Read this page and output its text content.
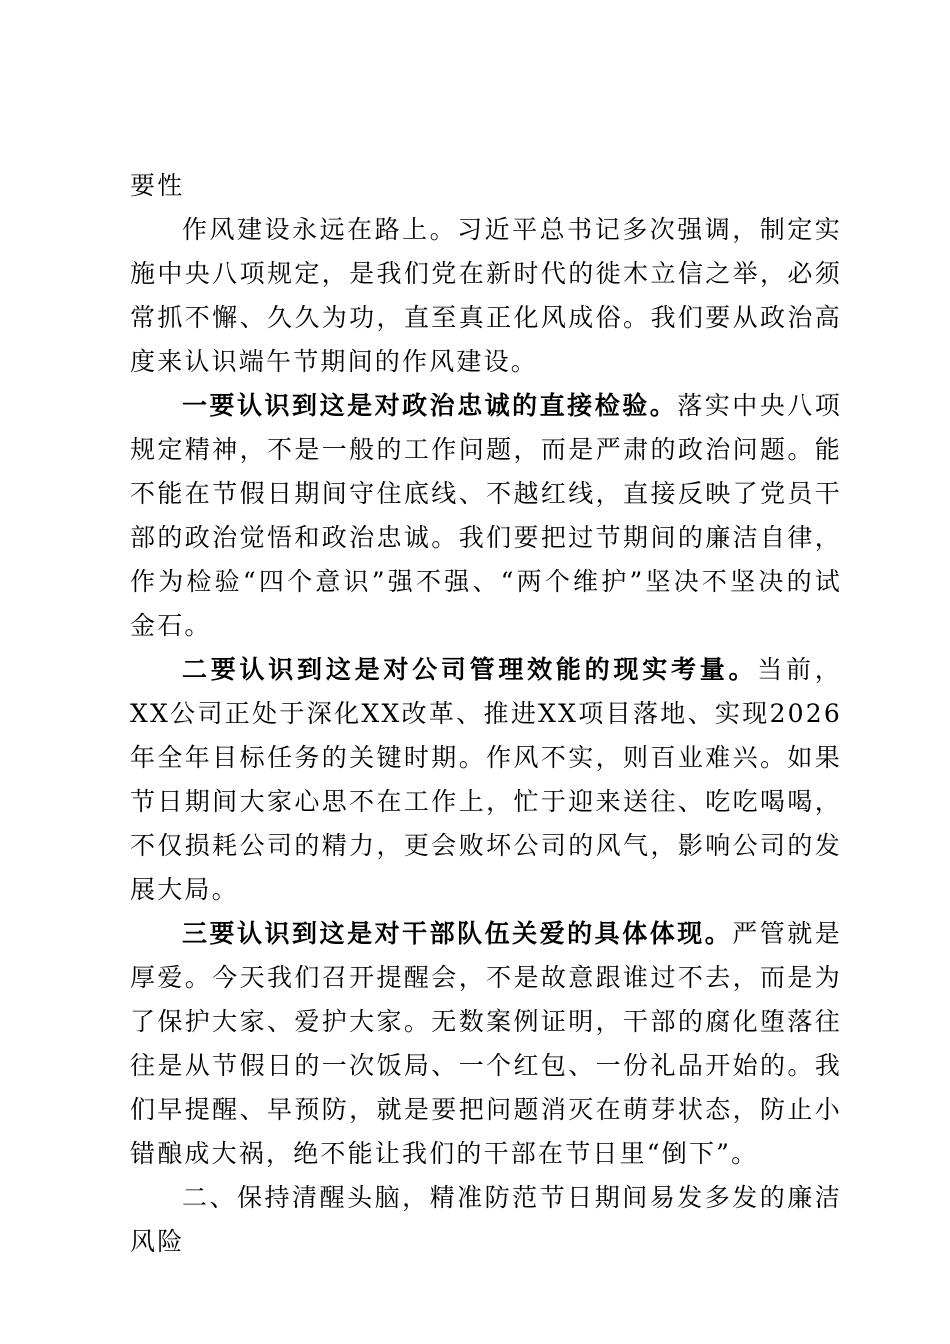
要性

作风建设永远在路上。习近平总书记多次强调，制定实施中央八项规定，是我们党在新时代的徙木立信之举，必须常抓不懈、久久为功，直至真正化风成俗。我们要从政治高度来认识端午节期间的作风建设。

一要认识到这是对政治忠诚的直接检验。落实中央八项规定精神，不是一般的工作问题，而是严肃的政治问题。能不能在节假日期间守住底线、不越红线，直接反映了党员干部的政治觉悟和政治忠诚。我们要把过节期间的廉洁自律，作为检验“四个意识”强不强、“两个维护”坚决不坚决的试金石。

二要认识到这是对公司管理效能的现实考量。当前，XX公司正处于深化XX改革、推进XX项目落地、实现2026年全年目标任务的关键时期。作风不实，则百业难兴。如果节日期间大家心思不在工作上，忙于迎来送往、吃吃喝喝，不仅损耗公司的精力，更会败坏公司的风气，影响公司的发展大局。

三要认识到这是对干部队伍关爱的具体体现。严管就是厚爱。今天我们召开提醒会，不是故意跟谁过不去，而是为了保护大家、爱护大家。无数案例证明，干部的腐化堕落往往是从节假日的一次饭局、一个红包、一份礼品开始的。我们早提醒、早预防，就是要把问题消灭在萌芽状态，防止小错酿成大祸，绝不能让我们的干部在节日里“倒下”。

二、保持清醒头脑，精准防范节日期间易发多发的廉洁风险
